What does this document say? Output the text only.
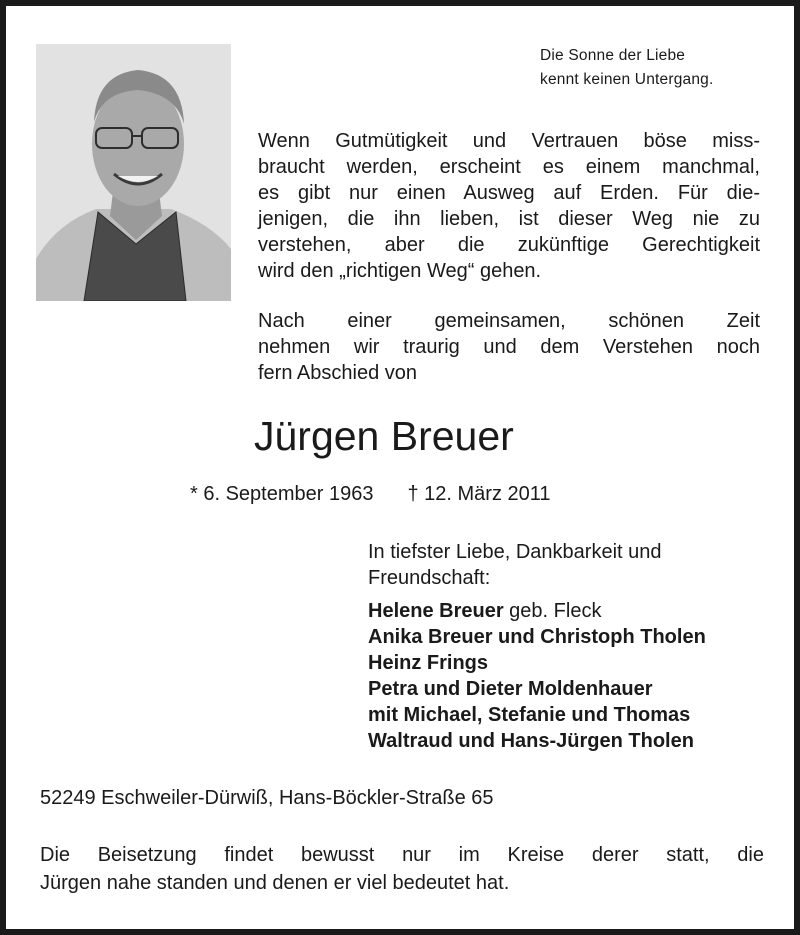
Die Sonne der Liebe
kennt keinen Untergang.
Wenn Gutmütigkeit und Vertrauen böse miss-
braucht werden, erscheint es einem manchmal,
es gibt nur einen Ausweg auf Erden. Für die-
jenigen, die ihn lieben, ist dieser Weg nie zu
verstehen, aber die zukünftige Gerechtigkeit
wird den „richtigen Weg“ gehen.
Nach einer gemeinsamen, schönen Zeit
nehmen wir traurig und dem Verstehen noch
fern Abschied von
Jürgen Breuer
* 6. September 1963 † 12. März 2011
In tiefster Liebe, Dankbarkeit und
Freundschaft:
Helene Breuer geb. Fleck
Anika Breuer und Christoph Tholen
Heinz Frings
Petra und Dieter Moldenhauer
mit Michael, Stefanie und Thomas
Waltraud und Hans-Jürgen Tholen
52249 Eschweiler-Dürwiß, Hans-Böckler-Straße 65
Die Beisetzung findet bewusst nur im Kreise derer statt, die
Jürgen nahe standen und denen er viel bedeutet hat.
